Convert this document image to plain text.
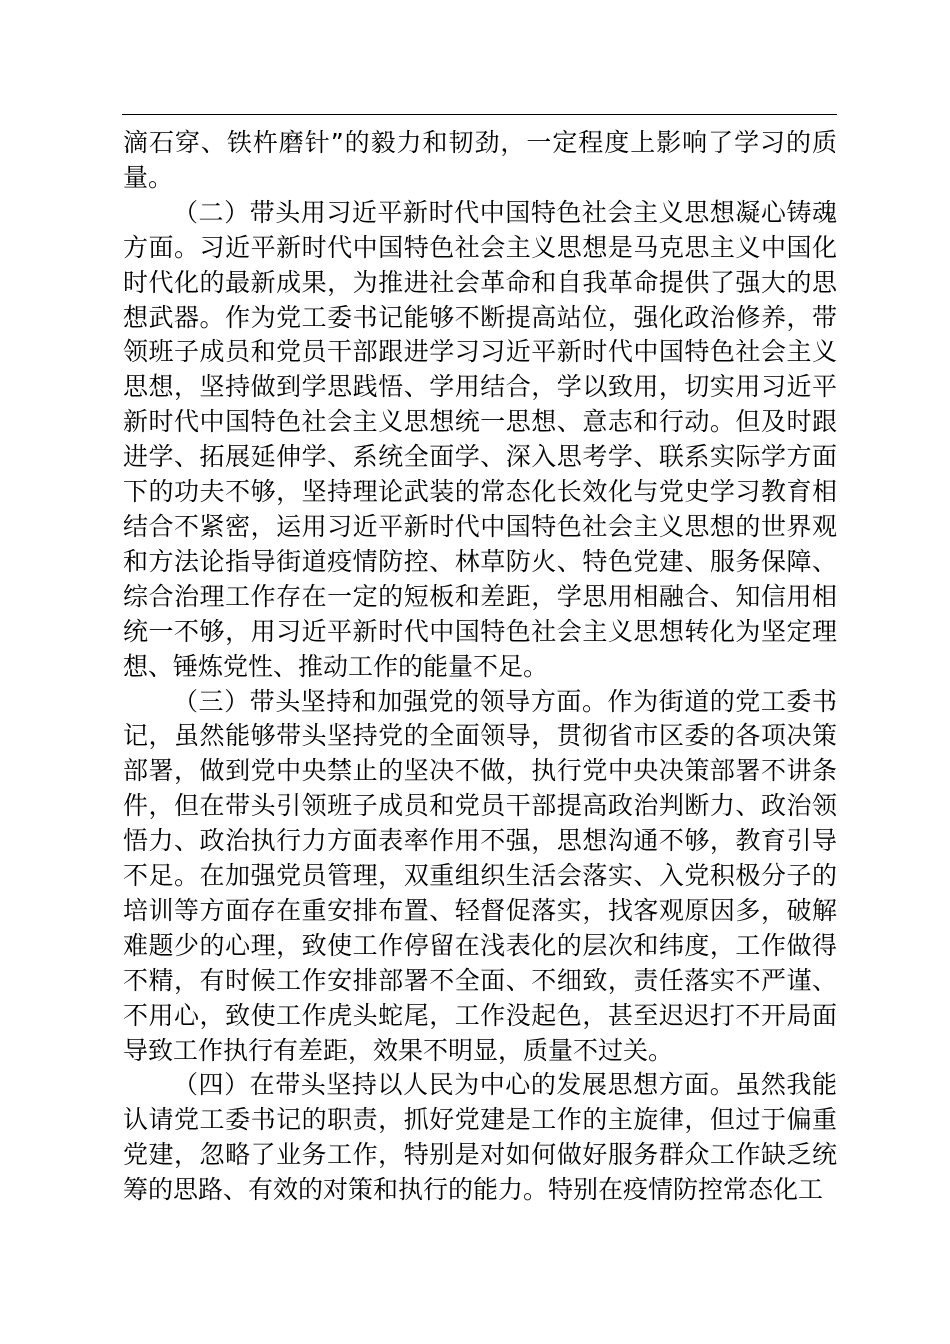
滴石穿、铁杵磨针”的毅力和韧劲，一定程度上影响了学习的质量。

（二）带头用习近平新时代中国特色社会主义思想凝心铸魂方面。习近平新时代中国特色社会主义思想是马克思主义中国化时代化的最新成果，为推进社会革命和自我革命提供了强大的思想武器。作为党工委书记能够不断提高站位，强化政治修养，带领班子成员和党员干部跟进学习习近平新时代中国特色社会主义思想，坚持做到学思践悟、学用结合，学以致用，切实用习近平新时代中国特色社会主义思想统一思想、意志和行动。但及时跟进学、拓展延伸学、系统全面学、深入思考学、联系实际学方面下的功夫不够，坚持理论武装的常态化长效化与党史学习教育相结合不紧密，运用习近平新时代中国特色社会主义思想的世界观和方法论指导街道疫情防控、林草防火、特色党建、服务保障、综合治理工作存在一定的短板和差距，学思用相融合、知信用相统一不够，用习近平新时代中国特色社会主义思想转化为坚定理想、锤炼党性、推动工作的能量不足。

（三）带头坚持和加强党的领导方面。作为街道的党工委书记，虽然能够带头坚持党的全面领导，贯彻省市区委的各项决策部署，做到党中央禁止的坚决不做，执行党中央决策部署不讲条件，但在带头引领班子成员和党员干部提高政治判断力、政治领悟力、政治执行力方面表率作用不强，思想沟通不够，教育引导不足。在加强党员管理，双重组织生活会落实、入党积极分子的培训等方面存在重安排布置、轻督促落实，找客观原因多，破解难题少的心理，致使工作停留在浅表化的层次和纬度，工作做得不精，有时候工作安排部署不全面、不细致，责任落实不严谨、不用心，致使工作虎头蛇尾，工作没起色，甚至迟迟打不开局面导致工作执行有差距，效果不明显，质量不过关。

（四）在带头坚持以人民为中心的发展思想方面。虽然我能认请党工委书记的职责，抓好党建是工作的主旋律，但过于偏重党建，忽略了业务工作，特别是对如何做好服务群众工作缺乏统筹的思路、有效的对策和执行的能力。特别在疫情防控常态化工
